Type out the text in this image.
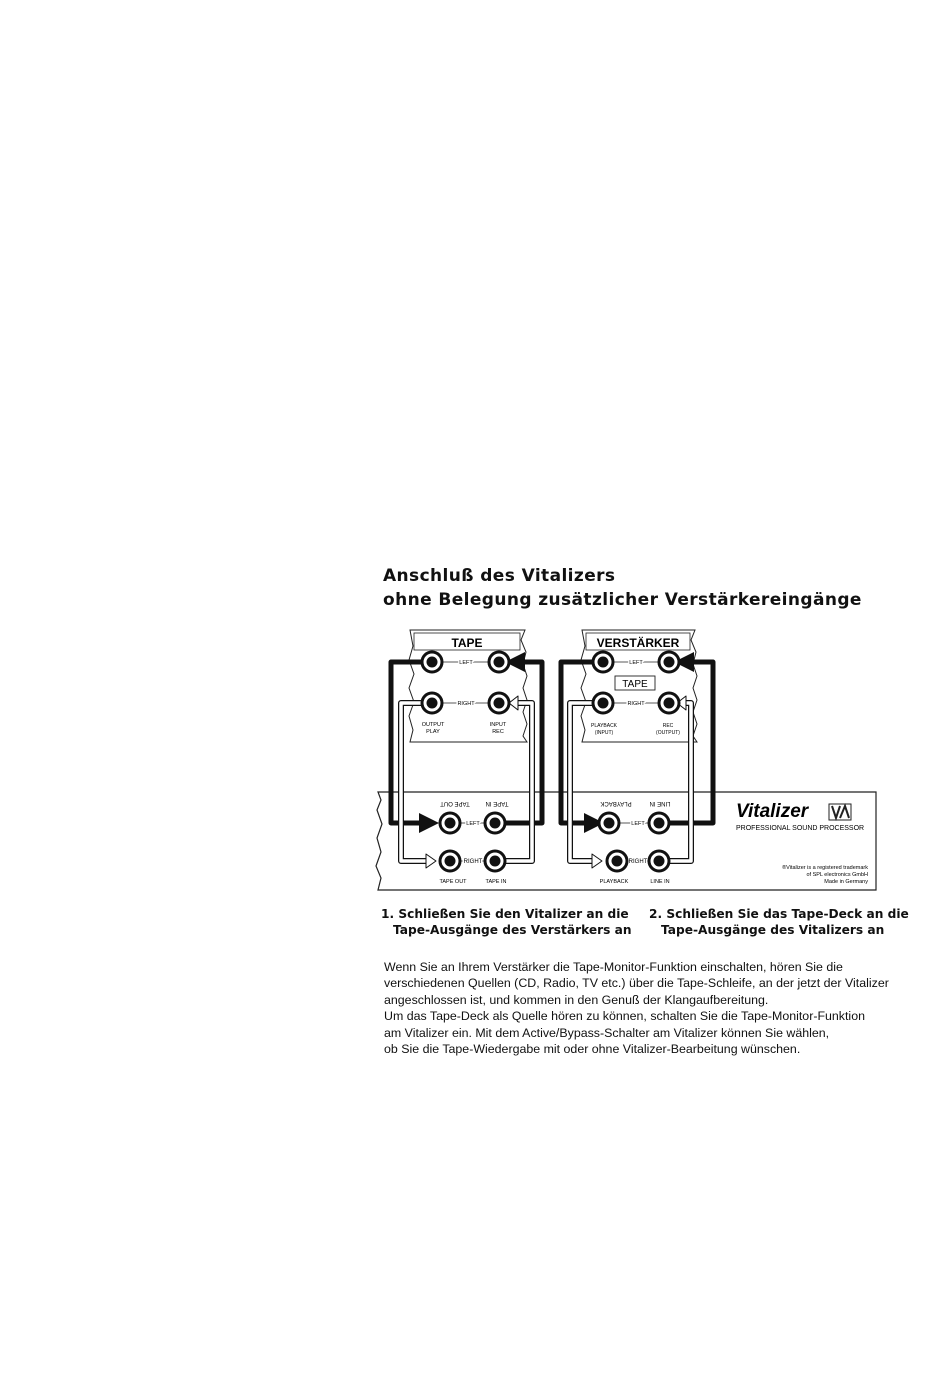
Anschluß des Vitalizers
ohne Belegung zusätzlicher Verstärkereingänge
TAPE	VERSTÄRKER
TAPE
LEFT
RIGHT
LEFT
RIGHT
OUTPUT
PLAY
INPUT
REC
PLAYBACK
(INPUT)
REC
(OUTPUT)
TAPE OUT	TAPE IN	PLAYBACK	LINE IN
LEFT
RIGHT
LEFT
RIGHT
TAPE OUT	TAPE IN	PLAYBACK	LINE IN
Vitalizer
PROFESSIONAL SOUND PROCESSOR
®Vitalizer is a registered trademark
of SPL electronics GmbH
Made in Germany
1. Schließen Sie den Vitalizer an die
Tape-Ausgänge des Verstärkers an
2. Schließen Sie das Tape-Deck an die
Tape-Ausgänge des Vitalizers an
Wenn Sie an Ihrem Verstärker die Tape-Monitor-Funktion einschalten, hören Sie die
verschiedenen Quellen (CD, Radio, TV etc.) über die Tape-Schleife, an der jetzt der Vitalizer
angeschlossen ist, und kommen in den Genuß der Klangaufbereitung.
Um das Tape-Deck als Quelle hören zu können, schalten Sie die Tape-Monitor-Funktion
am Vitalizer ein. Mit dem Active/Bypass-Schalter am Vitalizer können Sie wählen,
ob Sie die Tape-Wiedergabe mit oder ohne Vitalizer-Bearbeitung wünschen.
